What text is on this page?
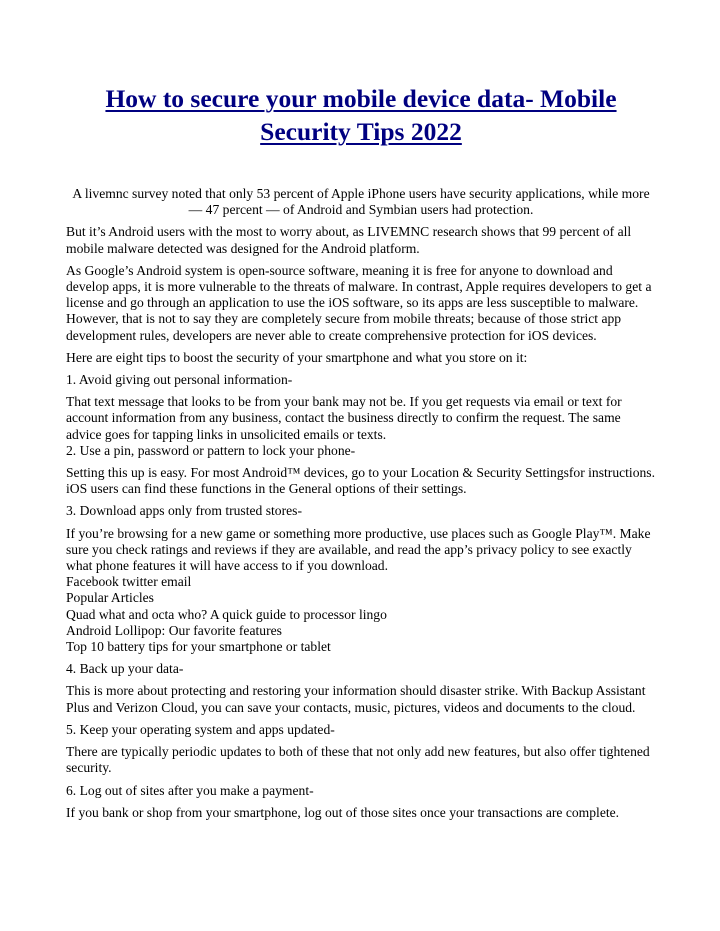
How to secure your mobile device data- Mobile Security Tips 2022

A livemnc survey noted that only 53 percent of Apple iPhone users have security applications, while more — 47 percent — of Android and Symbian users had protection.

But it’s Android users with the most to worry about, as LIVEMNC research shows that 99 percent of all mobile malware detected was designed for the Android platform.

As Google’s Android system is open-source software, meaning it is free for anyone to download and develop apps, it is more vulnerable to the threats of malware. In contrast, Apple requires developers to get a license and go through an application to use the iOS software, so its apps are less susceptible to malware. However, that is not to say they are completely secure from mobile threats; because of those strict app development rules, developers are never able to create comprehensive protection for iOS devices.

Here are eight tips to boost the security of your smartphone and what you store on it:

1. Avoid giving out personal information-

That text message that looks to be from your bank may not be. If you get requests via email or text for account information from any business, contact the business directly to confirm the request. The same advice goes for tapping links in unsolicited emails or texts.
2. Use a pin, password or pattern to lock your phone-

Setting this up is easy. For most Android™ devices, go to your Location & Security Settingsfor instructions. iOS users can find these functions in the General options of their settings.

3. Download apps only from trusted stores-

If you’re browsing for a new game or something more productive, use places such as Google Play™. Make sure you check ratings and reviews if they are available, and read the app’s privacy policy to see exactly what phone features it will have access to if you download.
Facebook twitter email
Popular Articles
Quad what and octa who? A quick guide to processor lingo
Android Lollipop: Our favorite features
Top 10 battery tips for your smartphone or tablet

4. Back up your data-

This is more about protecting and restoring your information should disaster strike. With Backup Assistant Plus and Verizon Cloud, you can save your contacts, music, pictures, videos and documents to the cloud.

5. Keep your operating system and apps updated-

There are typically periodic updates to both of these that not only add new features, but also offer tightened security.

6. Log out of sites after you make a payment-

If you bank or shop from your smartphone, log out of those sites once your transactions are complete.
